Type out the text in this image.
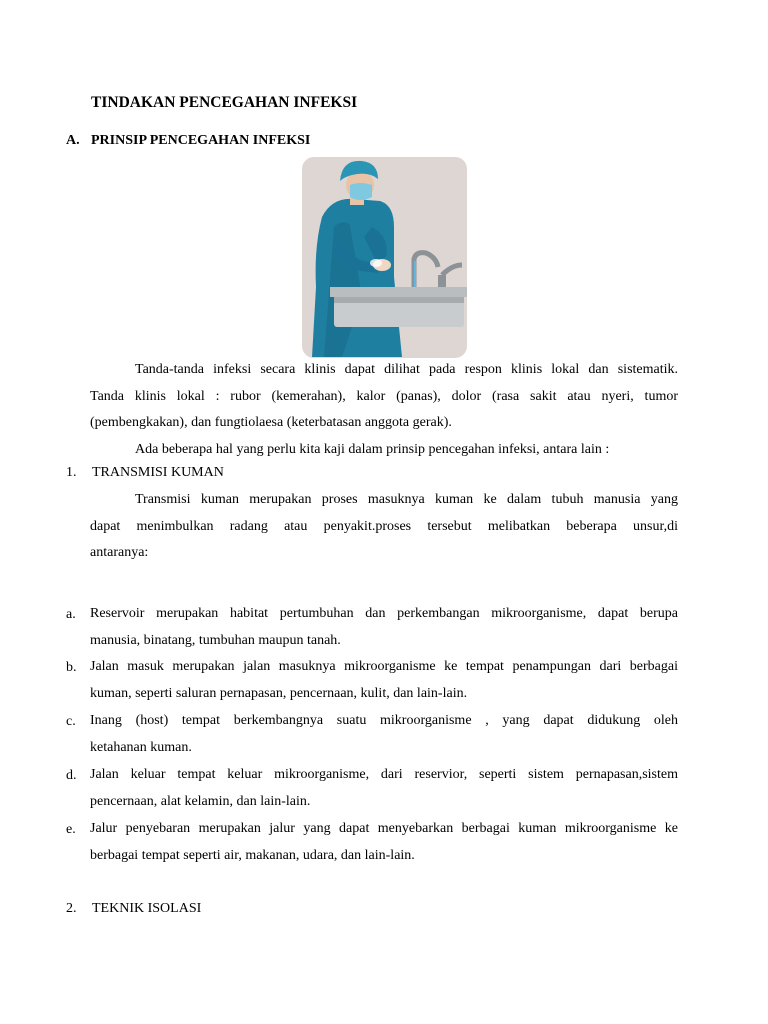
TINDAKAN PENCEGAHAN INFEKSI
A. PRINSIP PENCEGAHAN INFEKSI
Tanda-tanda infeksi secara klinis dapat dilihat pada respon klinis lokal dan sistematik.
Tanda klinis lokal : rubor (kemerahan), kalor (panas), dolor (rasa sakit atau nyeri, tumor
(pembengkakan), dan fungtiolaesa (keterbatasan anggota gerak).
Ada beberapa hal yang perlu kita kaji dalam prinsip pencegahan infeksi, antara lain :
1. TRANSMISI KUMAN
Transmisi kuman merupakan proses masuknya kuman ke dalam tubuh manusia yang
dapat menimbulkan radang atau penyakit.proses tersebut melibatkan beberapa unsur,di
antaranya:
a. Reservoir merupakan habitat pertumbuhan dan perkembangan mikroorganisme, dapat berupa
manusia, binatang, tumbuhan maupun tanah.
b. Jalan masuk merupakan jalan masuknya mikroorganisme ke tempat penampungan dari berbagai
kuman, seperti saluran pernapasan, pencernaan, kulit, dan lain-lain.
c. Inang (host) tempat berkembangnya suatu mikroorganisme , yang dapat didukung oleh
ketahanan kuman.
d. Jalan keluar tempat keluar mikroorganisme, dari reservior, seperti sistem pernapasan,sistem
pencernaan, alat kelamin, dan lain-lain.
e. Jalur penyebaran merupakan jalur yang dapat menyebarkan berbagai kuman mikroorganisme ke
berbagai tempat seperti air, makanan, udara, dan lain-lain.
2. TEKNIK ISOLASI
